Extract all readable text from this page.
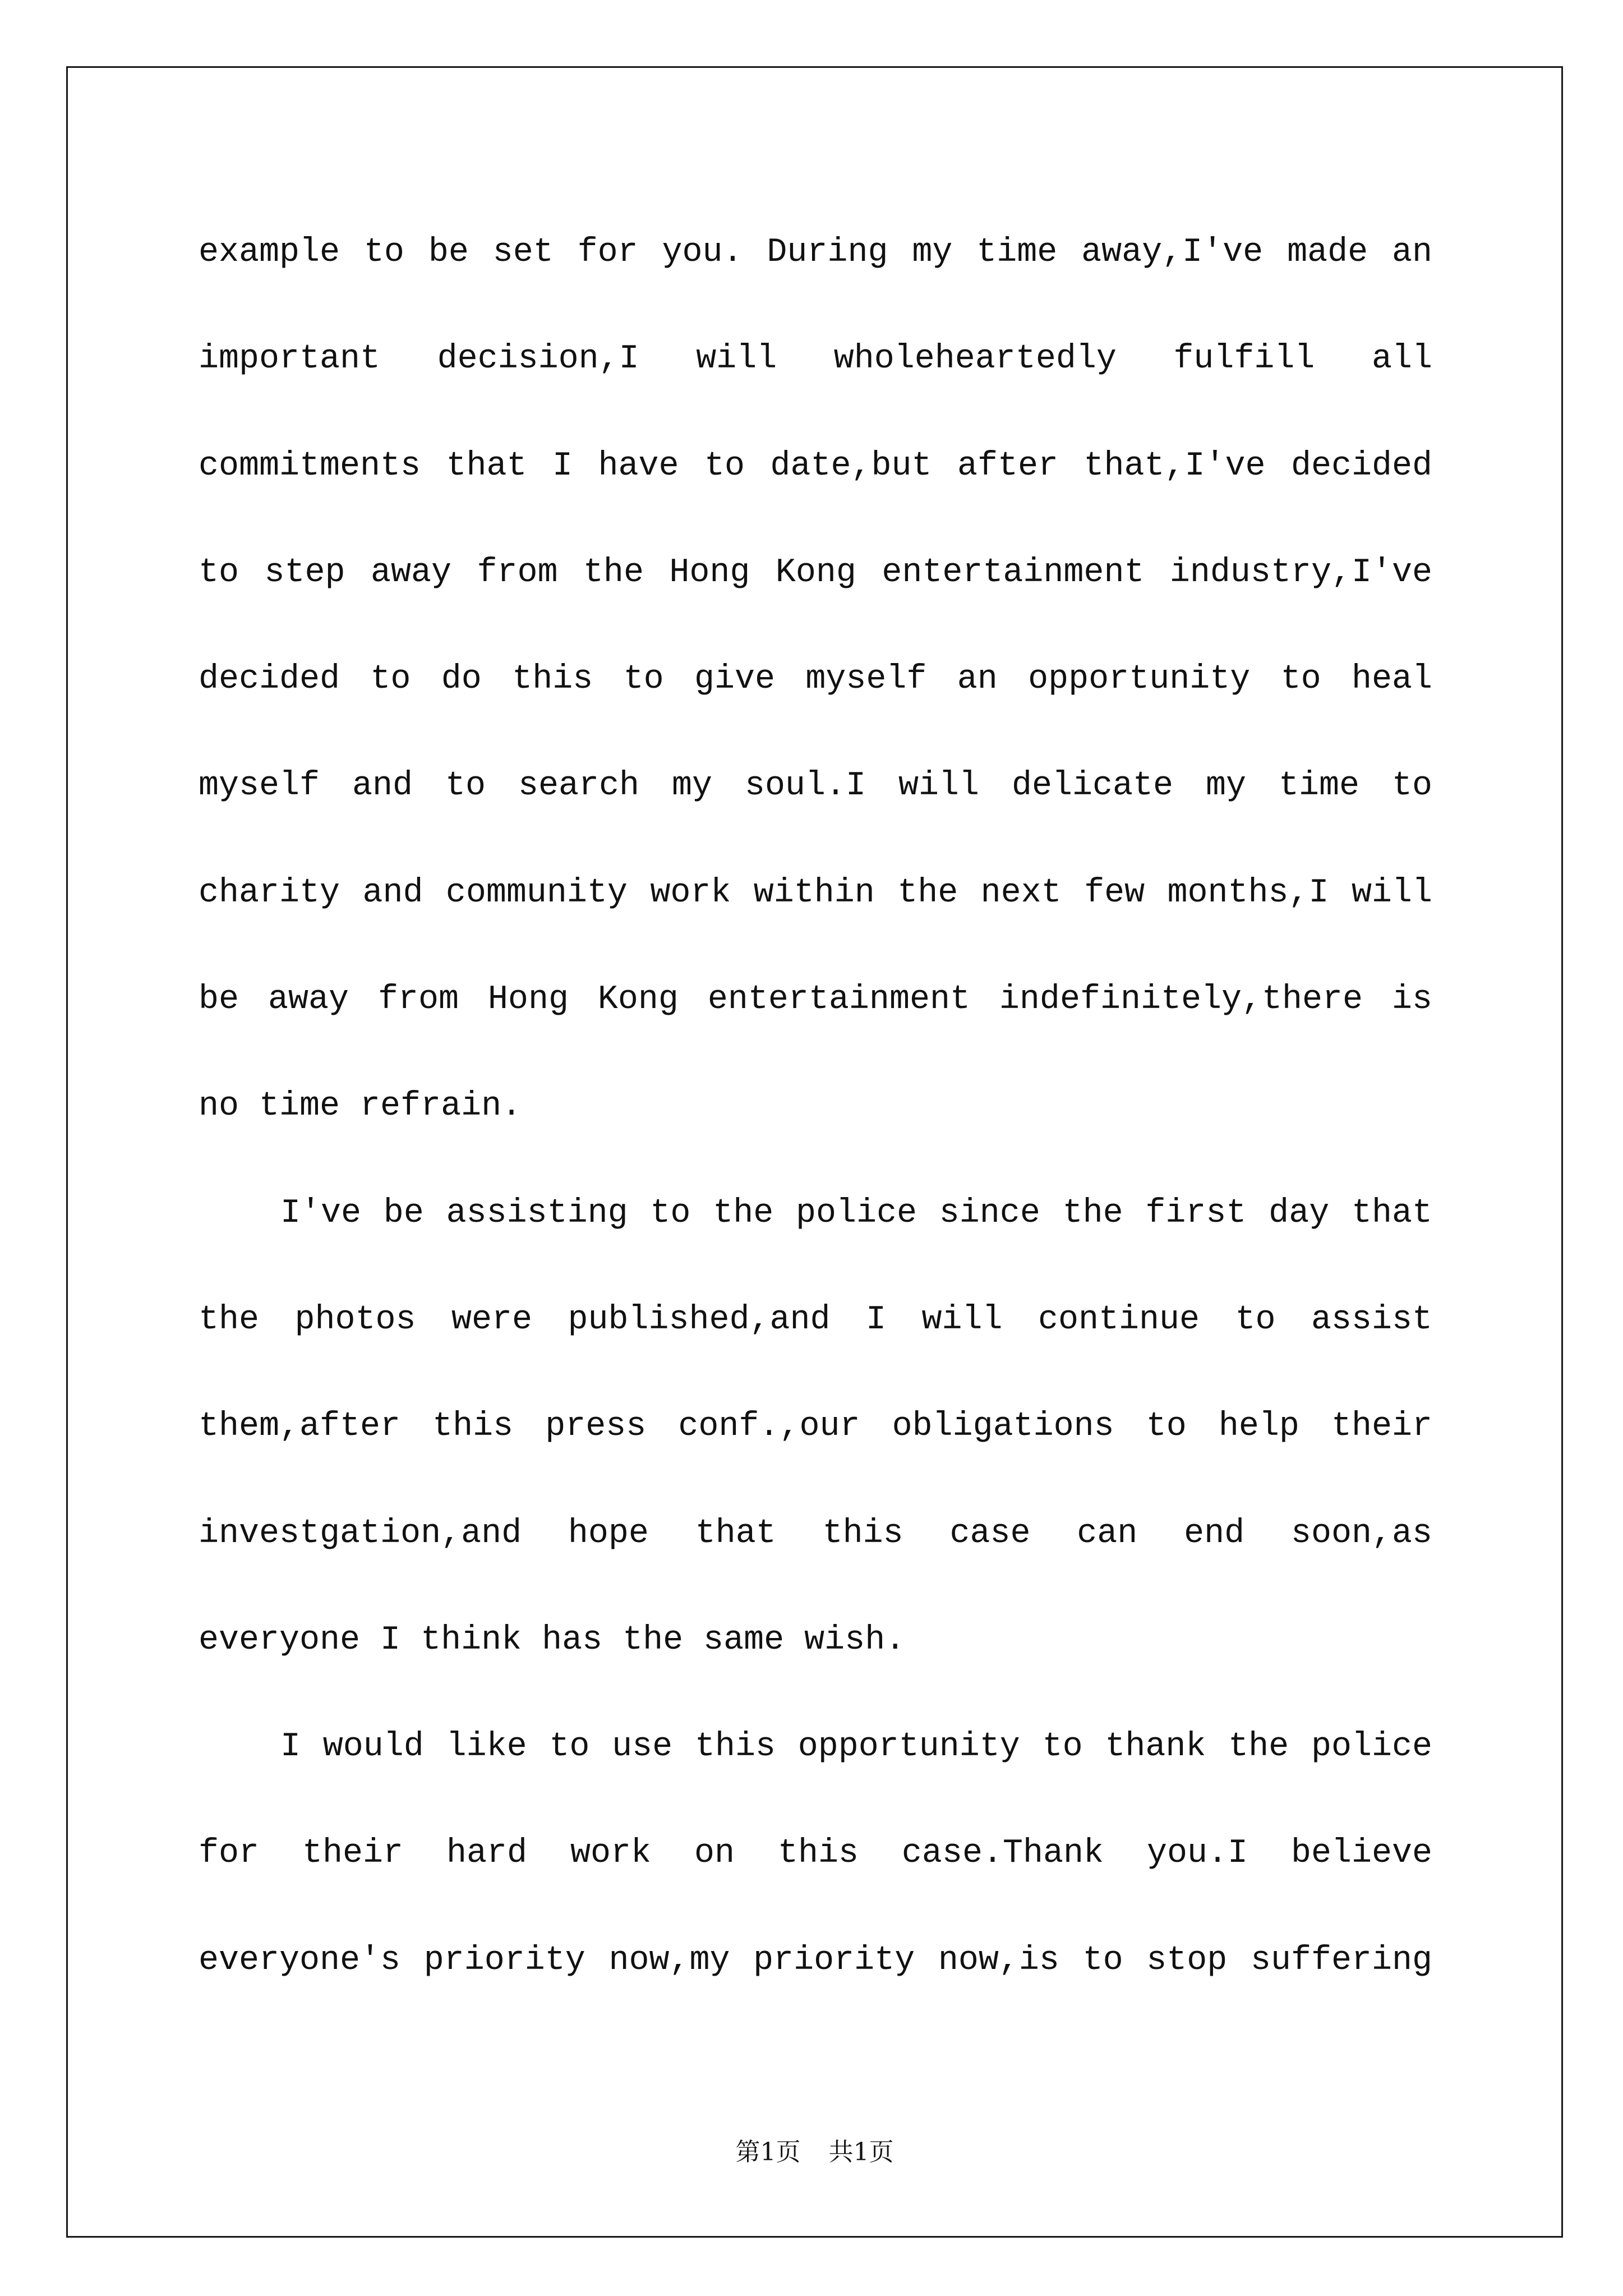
example to be set for you. During my time away,I've made an
important decision,I will wholeheartedly fulfill all
commitments that I have to date,but after that,I've decided
to step away from the Hong Kong entertainment industry,I've
decided to do this to give myself an opportunity to heal
myself and to search my soul.I will delicate my time to
charity and community work within the next few months,I will
be away from Hong Kong entertainment indefinitely,there is
no time refrain.
I've be assisting to the police since the first day that
the photos were published,and I will continue to assist
them,after this press conf.,our obligations to help their
investgation,and hope that this case can end soon,as
everyone I think has the same wish.
I would like to use this opportunity to thank the police
for their hard work on this case.Thank you.I believe
everyone's priority now,my priority now,is to stop suffering
第1页 共1页
